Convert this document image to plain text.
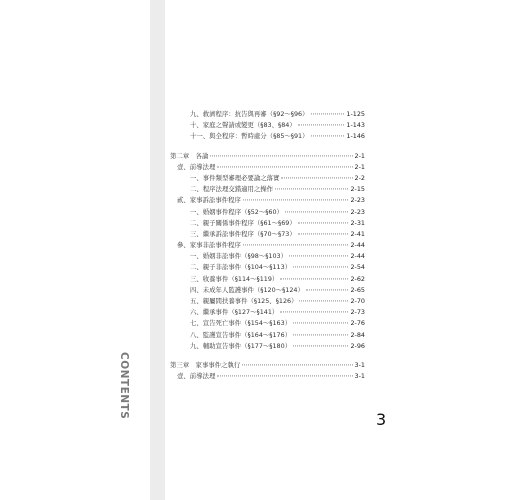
CONTENTS
九、救濟程序：抗告與再審（§92～§96）	1-125
十、家庭之聲請或變更（§83、§84）	1-143
十一、與全程序：暫時處分（§85～§91）	1-146
第二章　各論	2-1
壹、前導法理	2-1
一、事件類型審理必要論之落實	2-2
二、程序法理交錯適用之操作	2-15
貳、家事訴訟事件程序	2-23
一、婚姻事件程序（§52～§60）	2-23
二、親子關係事件程序（§61～§69）	2-31
三、繼承訴訟事件程序（§70～§73）	2-41
參、家事非訟事件程序	2-44
一、婚姻非訟事件（§98～§103）	2-44
二、親子非訟事件（§104～§113）	2-54
三、收養事件（§114～§119）	2-62
四、未成年人監護事件（§120～§124）	2-65
五、親屬間扶養事件（§125、§126）	2-70
六、繼承事件（§127～§141）	2-73
七、宣告死亡事件（§154～§163）	2-76
八、監護宣告事件（§164～§176）	2-84
九、輔助宣告事件（§177～§180）	2-96
第三章　家事事件之執行	3-1
壹、前導法理	3-1
3
